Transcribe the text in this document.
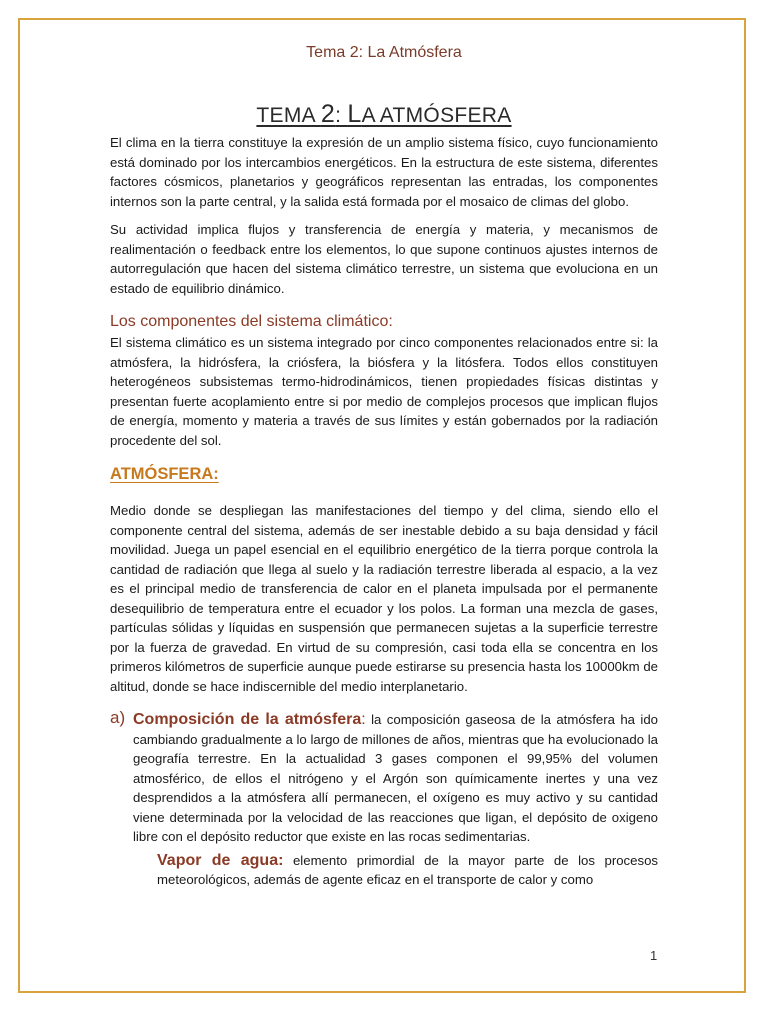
Tema 2: La Atmósfera
TEMA 2: LA ATMÓSFERA

El clima en la tierra constituye la expresión de un amplio sistema físico, cuyo funcionamiento está dominado por los intercambios energéticos. En la estructura de este sistema, diferentes factores cósmicos, planetarios y geográficos representan las entradas, los componentes internos son la parte central, y la salida está formada por el mosaico de climas del globo.

Su actividad implica flujos y transferencia de energía y materia, y mecanismos de realimentación o feedback entre los elementos, lo que supone continuos ajustes internos de autorregulación que hacen del sistema climático terrestre, un sistema que evoluciona en un estado de equilibrio dinámico.

Los componentes del sistema climático:

El sistema climático es un sistema integrado por cinco componentes relacionados entre si: la atmósfera, la hidrósfera, la criósfera, la biósfera y la litósfera. Todos ellos constituyen heterogéneos subsistemas termo-hidrodinámicos, tienen propiedades físicas distintas y presentan fuerte acoplamiento entre si por medio de complejos procesos que implican flujos de energía, momento y materia a través de sus límites y están gobernados por la radiación procedente del sol.

ATMÓSFERA:

Medio donde se despliegan las manifestaciones del tiempo y del clima, siendo ello el componente central del sistema, además de ser inestable debido a su baja densidad y fácil movilidad. Juega un papel esencial en el equilibrio energético de la tierra porque controla la cantidad de radiación que llega al suelo y la radiación terrestre liberada al espacio, a la vez es el principal medio de transferencia de calor en el planeta impulsada por el permanente desequilibrio de temperatura entre el ecuador y los polos. La forman una mezcla de gases, partículas sólidas y líquidas en suspensión que permanecen sujetas a la superficie terrestre por la fuerza de gravedad. En virtud de su compresión, casi toda ella se concentra en los primeros kilómetros de superficie aunque puede estirarse su presencia hasta los 10000km de altitud, donde se hace indiscernible del medio interplanetario.

a) Composición de la atmósfera: la composición gaseosa de la atmósfera ha ido cambiando gradualmente a lo largo de millones de años, mientras que ha evolucionado la geografía terrestre. En la actualidad 3 gases componen el 99,95% del volumen atmosférico, de ellos el nitrógeno y el Argón son químicamente inertes y una vez desprendidos a la atmósfera allí permanecen, el oxígeno es muy activo y su cantidad viene determinada por la velocidad de las reacciones que ligan, el depósito de oxigeno libre con el depósito reductor que existe en las rocas sedimentarias.

Vapor de agua: elemento primordial de la mayor parte de los procesos meteorológicos, además de agente eficaz en el transporte de calor y como

1
